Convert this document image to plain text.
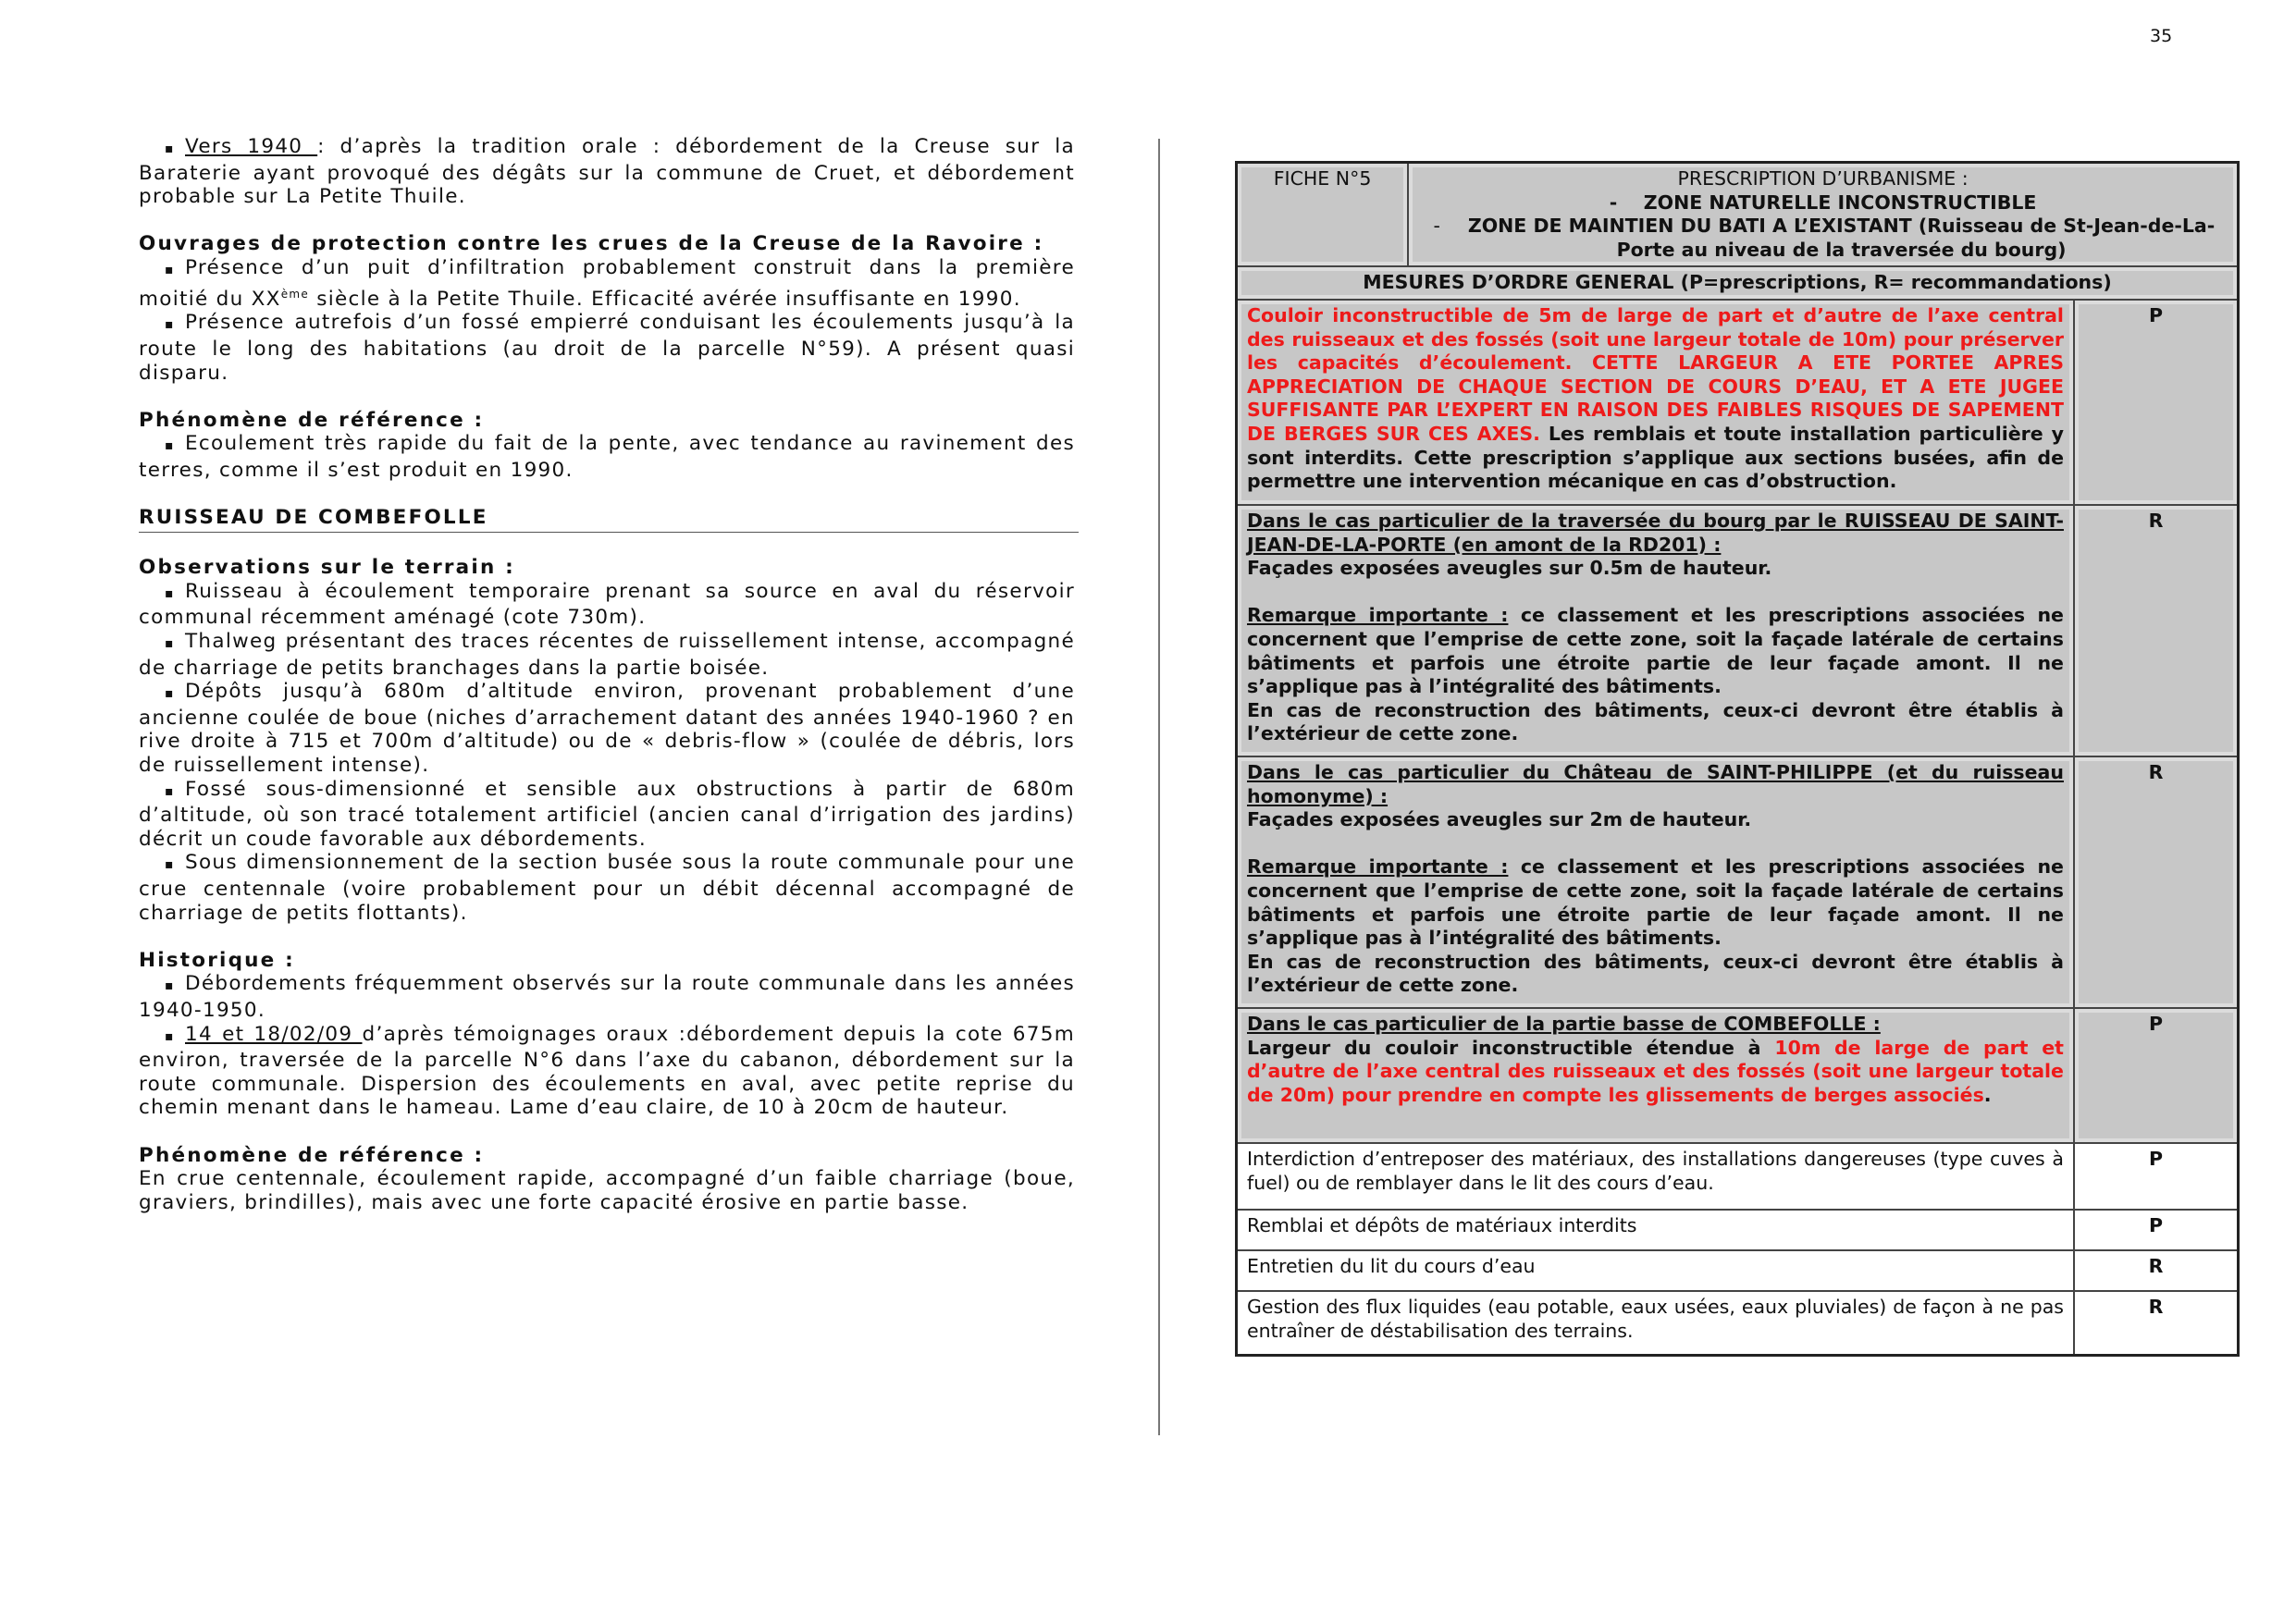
35

▪ Vers 1940 : d’après la tradition orale : débordement de la Creuse sur la Baraterie ayant provoqué des dégâts sur la commune de Cruet, et débordement probable sur La Petite Thuile.

Ouvrages de protection contre les crues de la Creuse de la Ravoire :

▪ Présence d’un puit d’infiltration probablement construit dans la première moitié du XXème siècle à la Petite Thuile. Efficacité avérée insuffisante en 1990.

▪ Présence autrefois d’un fossé empierré conduisant les écoulements jusqu’à la route le long des habitations (au droit de la parcelle N°59). A présent quasi disparu.

Phénomène de référence :

▪ Ecoulement très rapide du fait de la pente, avec tendance au ravinement des terres, comme il s’est produit en 1990.

RUISSEAU DE COMBEFOLLE

Observations sur le terrain :

▪ Ruisseau à écoulement temporaire prenant sa source en aval du réservoir communal récemment aménagé (cote 730m).

▪ Thalweg présentant des traces récentes de ruissellement intense, accompagné de charriage de petits branchages dans la partie boisée.

▪ Dépôts jusqu’à 680m d’altitude environ, provenant probablement d’une ancienne coulée de boue (niches d’arrachement datant des années 1940-1960 ? en rive droite à 715 et 700m d’altitude) ou de « debris-flow » (coulée de débris, lors de ruissellement intense).

▪ Fossé sous-dimensionné et sensible aux obstructions à partir de 680m d’altitude, où son tracé totalement artificiel (ancien canal d’irrigation des jardins) décrit un coude favorable aux débordements.

▪ Sous dimensionnement de la section busée sous la route communale pour une crue centennale (voire probablement pour un débit décennal accompagné de charriage de petits flottants).

Historique :

▪ Débordements fréquemment observés sur la route communale dans les années 1940-1950.

▪ 14 et 18/02/09 d’après témoignages oraux :débordement depuis la cote 675m environ, traversée de la parcelle N°6 dans l’axe du cabanon, débordement sur la route communale. Dispersion des écoulements en aval, avec petite reprise du chemin menant dans le hameau. Lame d’eau claire, de 10 à 20cm de hauteur.

Phénomène de référence :

En crue centennale, écoulement rapide, accompagné d’un faible charriage (boue, graviers, brindilles), mais avec une forte capacité érosive en partie basse.

FICHE N°5	PRESCRIPTION D’URBANISME :
- ZONE NATURELLE INCONSTRUCTIBLE
- ZONE DE MAINTIEN DU BATI A L’EXISTANT (Ruisseau de St-Jean-de-La-Porte au niveau de la traversée du bourg)	

MESURES D’ORDRE GENERAL (P=prescriptions, R= recommandations)		
Couloir inconstructible de 5m de large de part et d’autre de l’axe central des ruisseaux et des fossés (soit une largeur totale de 10m) pour préserver les capacités d’écoulement. CETTE LARGEUR A ETE PORTEE APRES APPRECIATION DE CHAQUE SECTION DE COURS D’EAU, ET A ETE JUGEE SUFFISANTE PAR L’EXPERT EN RAISON DES FAIBLES RISQUES DE SAPEMENT DE BERGES SUR CES AXES. Les remblais et toute installation particulière y sont interdits. Cette prescription s’applique aux sections busées, afin de permettre une intervention mécanique en cas d’obstruction.		P

Dans le cas particulier de la traversée du bourg par le RUISSEAU DE SAINT-JEAN-DE-LA-PORTE (en amont de la RD201) :
Façades exposées aveugles sur 0.5m de hauteur.
Remarque importante : ce classement et les prescriptions associées ne concernent que l’emprise de cette zone, soit la façade latérale de certains bâtiments et parfois une étroite partie de leur façade amont. Il ne s’applique pas à l’intégralité des bâtiments.
En cas de reconstruction des bâtiments, ceux-ci devront être établis à l’extérieur de cette zone.		R

Dans le cas particulier du Château de SAINT-PHILIPPE (et du ruisseau homonyme) :
Façades exposées aveugles sur 2m de hauteur.
Remarque importante : ce classement et les prescriptions associées ne concernent que l’emprise de cette zone, soit la façade latérale de certains bâtiments et parfois une étroite partie de leur façade amont. Il ne s’applique pas à l’intégralité des bâtiments.
En cas de reconstruction des bâtiments, ceux-ci devront être établis à l’extérieur de cette zone.		R

Dans le cas particulier de la partie basse de COMBEFOLLE :
Largeur du couloir inconstructible étendue à 10m de large de part et d’autre de l’axe central des ruisseaux et des fossés (soit une largeur totale de 20m) pour prendre en compte les glissements de berges associés.		P
Interdiction d’entreposer des matériaux, des installations dangereuses (type cuves à fuel) ou de remblayer dans le lit des cours d’eau.		P
Remblai et dépôts de matériaux interdits		P
Entretien du lit du cours d’eau		R
Gestion des flux liquides (eau potable, eaux usées, eaux pluviales) de façon à ne pas entraîner de déstabilisation des terrains.		R
